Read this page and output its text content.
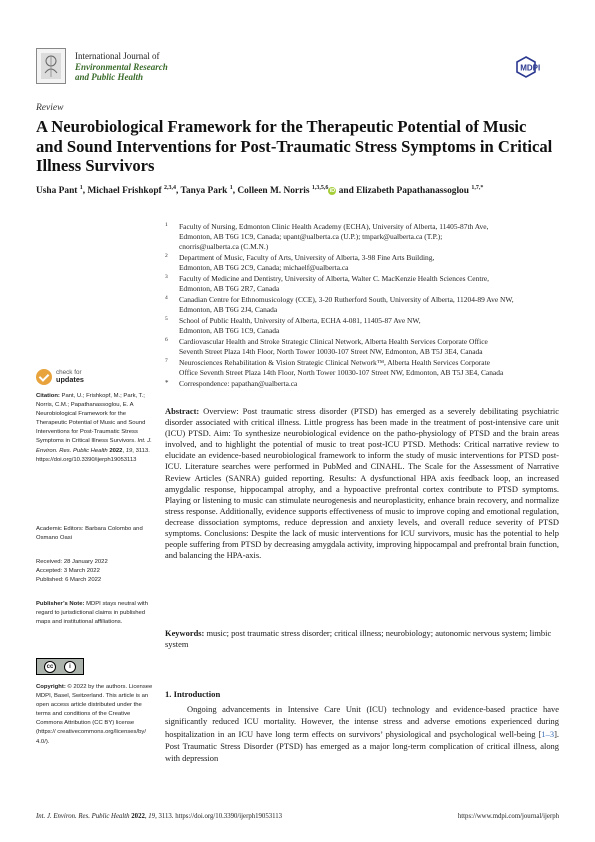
International Journal of
Environmental Research
and Public Health
MDPI
Review
A Neurobiological Framework for the Therapeutic Potential of Music and Sound Interventions for Post-Traumatic Stress Symptoms in Critical Illness Survivors
Usha Pant $^1$, Michael Frishkopf $^{2,3,4}$, Tanya Park $^1$, Colleen M. Norris $^{1,3,5,6}$iD and Elizabeth Papathanassoglou $^{1,7,*}$
1 Faculty of Nursing, Edmonton Clinic Health Academy (ECHA), University of Alberta, 11405-87th Ave,
Edmonton, AB T6G 1C9, Canada; upant@ualberta.ca (U.P.); tmpark@ualberta.ca (T.P.);
cnorris@ualberta.ca (C.M.N.)
2 Department of Music, Faculty of Arts, University of Alberta, 3-98 Fine Arts Building,
Edmonton, AB T6G 2C9, Canada; michaelf@ualberta.ca
3 Faculty of Medicine and Dentistry, University of Alberta, Walter C. MacKenzie Health Sciences Centre,
Edmonton, AB T6G 2R7, Canada
4 Canadian Centre for Ethnomusicology (CCE), 3-20 Rutherford South, University of Alberta, 11204-89 Ave NW,
Edmonton, AB T6G 2J4, Canada
5 School of Public Health, University of Alberta, ECHA 4-081, 11405-87 Ave NW,
Edmonton, AB T6G 1C9, Canada
6 Cardiovascular Health and Stroke Strategic Clinical Network, Alberta Health Services Corporate Office
Seventh Street Plaza 14th Floor, North Tower 10030-107 Street NW, Edmonton, AB T5J 3E4, Canada
7 Neurosciences Rehabilitation & Vision Strategic Clinical Network™, Alberta Health Services Corporate
Office Seventh Street Plaza 14th Floor, North Tower 10030-107 Street NW, Edmonton, AB T5J 3E4, Canada
* Correspondence: papathan@ualberta.ca
check for
updates
Citation: Pant, U.; Frishkopf, M.; Park, T.; Norris, C.M.; Papathanassoglou, E. A Neurobiological Framework for the Therapeutic Potential of Music and Sound Interventions for Post-Traumatic Stress Symptoms in Critical Illness Survivors. Int. J. Environ. Res. Public Health 2022, 19, 3113. https://doi.org/10.3390/ijerph19053113
Academic Editors: Barbara Colombo and Osmano Oasi
Received: 28 January 2022
Accepted: 3 March 2022
Published: 6 March 2022
Publisher’s Note: MDPI stays neutral with regard to jurisdictional claims in published maps and institutional affiliations.
cc	i
Copyright: © 2022 by the authors. Licensee MDPI, Basel, Switzerland. This article is an open access article distributed under the terms and conditions of the Creative Commons Attribution (CC BY) license (https:// creativecommons.org/licenses/by/ 4.0/).
Abstract: Overview: Post traumatic stress disorder (PTSD) has emerged as a severely debilitating psychiatric disorder associated with critical illness. Little progress has been made in the treatment of post-intensive care unit (ICU) PTSD. Aim: To synthesize neurobiological evidence on the patho-physiology of PTSD and the brain areas involved, and to highlight the potential of music to treat post-ICU PTSD. Methods: Critical narrative review to elucidate an evidence-based neurobiological framework to inform the study of music interventions for PTSD post-ICU. Literature searches were performed in PubMed and CINAHL. The Scale for the Assessment of Narrative Review Articles (SANRA) guided reporting. Results: A dysfunctional HPA axis feedback loop, an increased amygdalic response, hippocampal atrophy, and a hypoactive prefrontal cortex contribute to PTSD symptoms. Playing or listening to music can stimulate neurogenesis and neuroplasticity, enhance brain recovery, and normalize stress response. Additionally, evidence supports effectiveness of music to improve coping and emotional regulation, decrease dissociation symptoms, reduce depression and anxiety levels, and overall reduce severity of PTSD symptoms. Conclusions: Despite the lack of music interventions for ICU survivors, music has the potential to help people suffering from PTSD by decreasing amygdala activity, improving hippocampal and prefrontal brain function, and balancing the HPA-axis.
Keywords: music; post traumatic stress disorder; critical illness; neurobiology; autonomic nervous system; limbic system
1. Introduction
Ongoing advancements in Intensive Care Unit (ICU) technology and evidence-based practice have significantly reduced ICU mortality. However, the intense stress and adverse emotions experienced during hospitalization in an ICU have long term effects on survivors’ physiological and psychological well-being [1–3]. Post Traumatic Stress Disorder (PTSD) has emerged as a major long-term complication of critical illness, along with depression
Int. J. Environ. Res. Public Health 2022, 19, 3113. https://doi.org/10.3390/ijerph19053113	https://www.mdpi.com/journal/ijerph
